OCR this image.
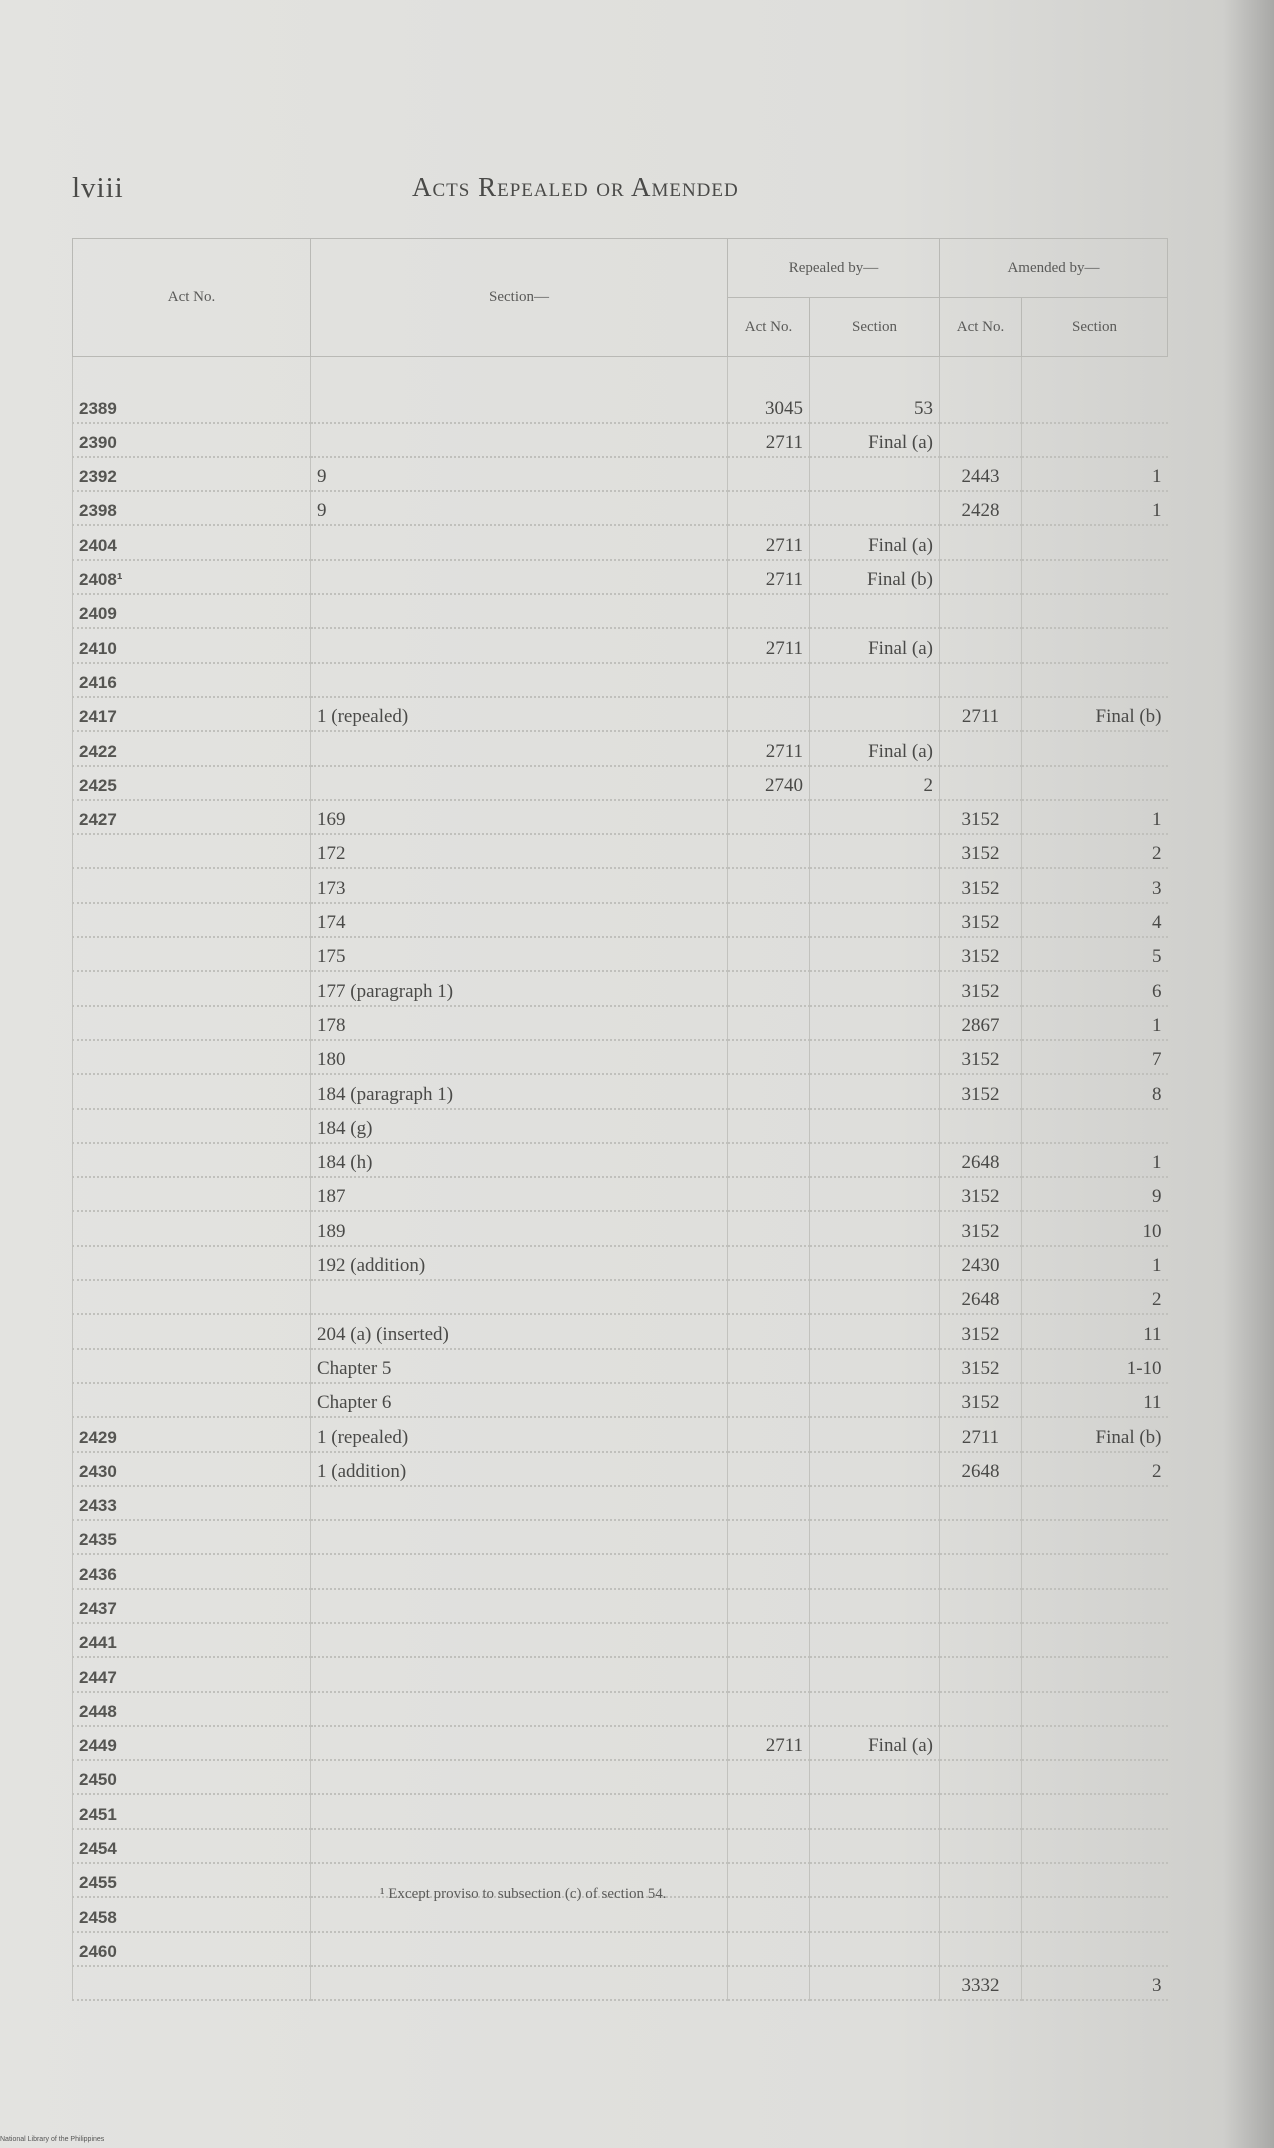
lviii	Acts Repealed or Amended
Act No.	Section—	Repealed by—		Amended by—	
		Act No.	Section	Act No.	Section

2389		3045	53		
2390		2711	Final (a)		
2392	9			2443	1
2398	9			2428	1
2404		2711	Final (a)		
2408¹		2711	Final (b)		
2409					
2410		2711	Final (a)		
2416					
2417	1 (repealed)			2711	Final (b)
2422		2711	Final (a)		
2425		2740	2		
2427	169			3152	1
	172			3152	2
	173			3152	3
	174			3152	4
	175			3152	5
	177 (paragraph 1)			3152	6
	178			2867	1
	180			3152	7
	184 (paragraph 1)			3152	8
	184 (g)				
	184 (h)			2648	1
	187			3152	9
	189			3152	10
	192 (addition)			2430	1
				2648	2
	204 (a) (inserted)			3152	11
	Chapter 5			3152	1-10
	Chapter 6			3152	11
2429	1 (repealed)			2711	Final (b)
2430	1 (addition)			2648	2
2433					
2435					
2436					
2437					
2441					
2447					
2448					
2449		2711	Final (a)		
2450					
2451					
2454					
2455					
2458					
2460					
				3332	3
¹ Except proviso to subsection (c) of section 54.
National Library of the Philippines
